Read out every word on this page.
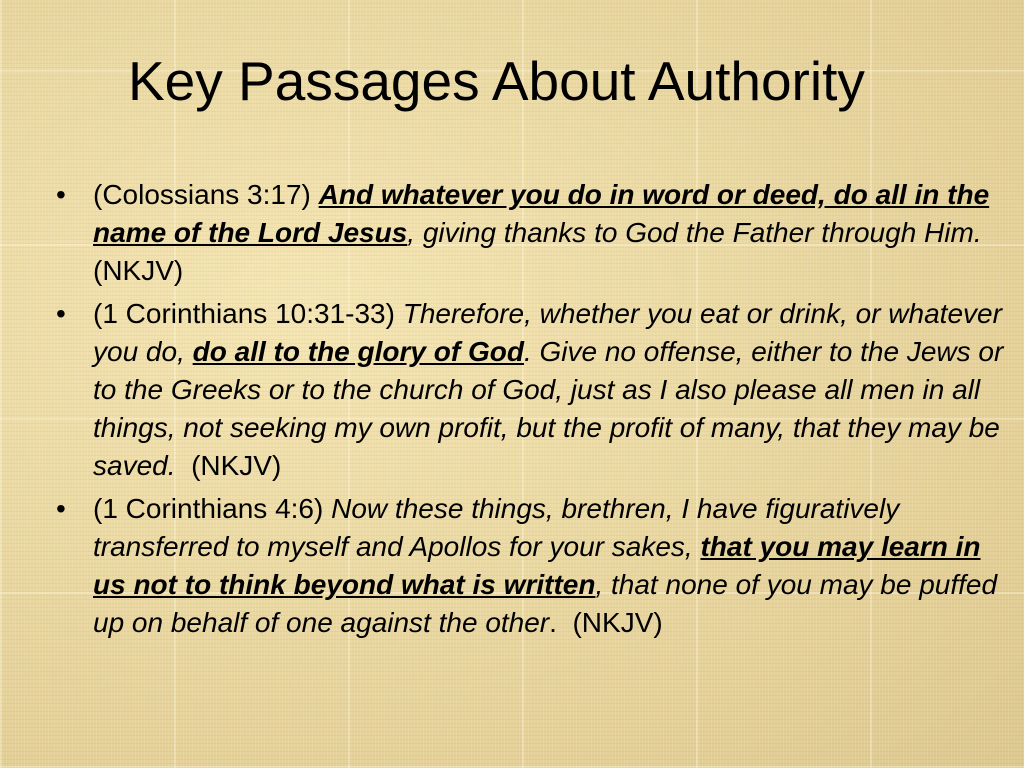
Key Passages About Authority
• (Colossians 3:17) And whatever you do in word or deed, do all in the name of the Lord Jesus, giving thanks to God the Father through Him.  (NKJV)
• (1 Corinthians 10:31-33) Therefore, whether you eat or drink, or whatever you do, do all to the glory of God. Give no offense, either to the Jews or to the Greeks or to the church of God, just as I also please all men in all things, not seeking my own profit, but the profit of many, that they may be saved. (NKJV)
• (1 Corinthians 4:6) Now these things, brethren, I have figuratively transferred to myself and Apollos for your sakes, that you may learn in us not to think beyond what is written, that none of you may be puffed up on behalf of one against the other. (NKJV)
